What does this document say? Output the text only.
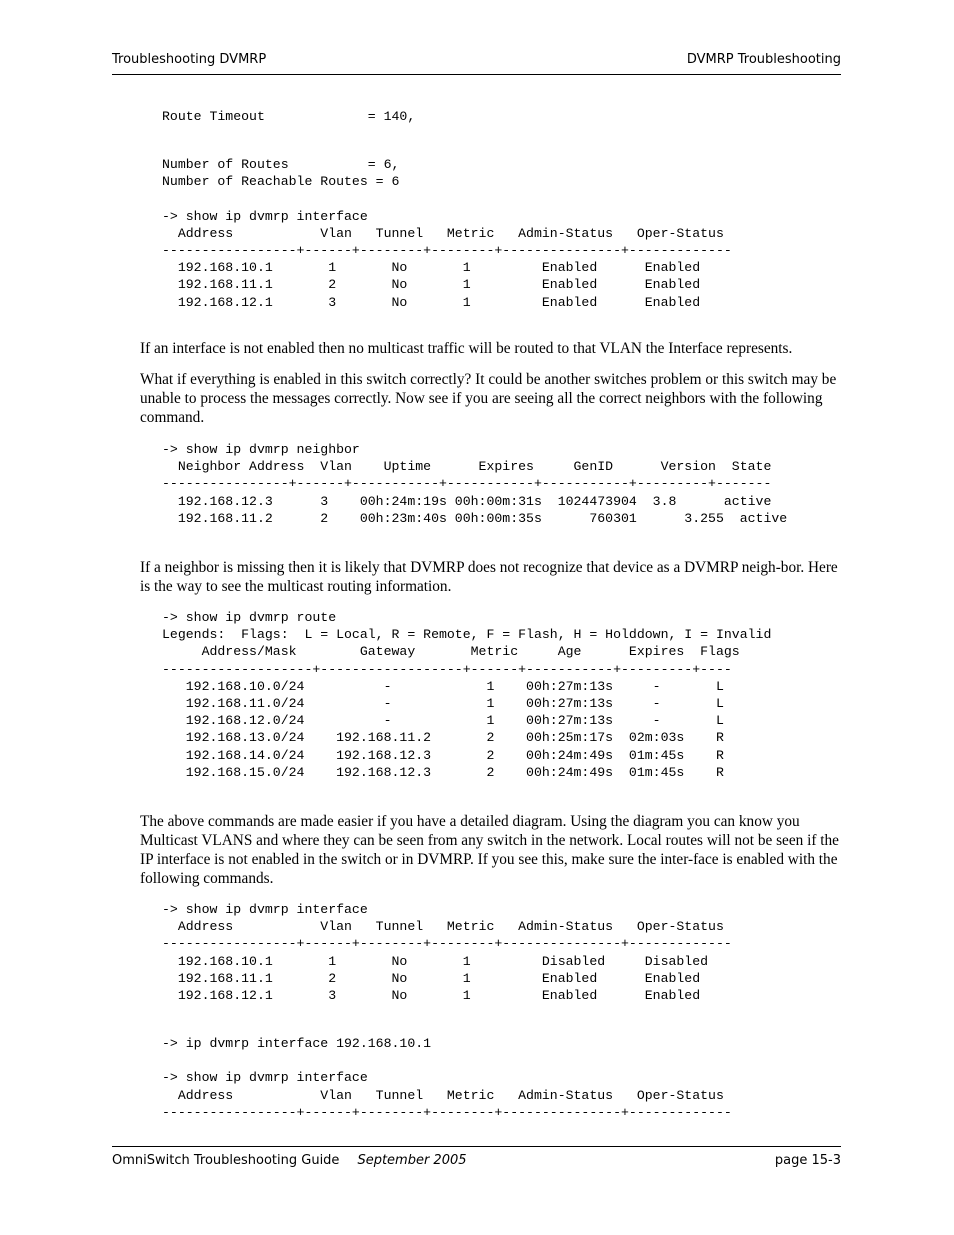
Troubleshooting DVMRP	DVMRP Troubleshooting
Route Timeout             = 140,
Number of Routes          = 6,
Number of Reachable Routes = 6

-> show ip dvmrp interface
Address           Vlan   Tunnel   Metric   Admin-Status   Oper-Status
-----------------+------+--------+--------+---------------+-------------
192.168.10.1       1       No       1         Enabled      Enabled
192.168.11.1       2       No       1         Enabled      Enabled
192.168.12.1       3       No       1         Enabled      Enabled

If an interface is not enabled then no multicast traffic will be routed to that VLAN the Interface represents.

What if everything is enabled in this switch correctly? It could be another switches problem or this switch may be unable to process the messages correctly. Now see if you are seeing all the correct neighbors with the following command.

-> show ip dvmrp neighbor
Neighbor Address  Vlan    Uptime      Expires     GenID      Version  State
----------------+------+-----------+-----------+-----------+---------+-------
192.168.12.3      3    00h:24m:19s 00h:00m:31s  1024473904  3.8      active
192.168.11.2      2    00h:23m:40s 00h:00m:35s      760301      3.255  active

If a neighbor is missing then it is likely that DVMRP does not recognize that device as a DVMRP neigh-bor. Here is the way to see the multicast routing information.

-> show ip dvmrp route
Legends:  Flags:  L = Local, R = Remote, F = Flash, H = Holddown, I = Invalid
Address/Mask        Gateway       Metric     Age      Expires  Flags
-------------------+------------------+------+-----------+---------+----
192.168.10.0/24          -            1    00h:27m:13s     -       L
192.168.11.0/24          -            1    00h:27m:13s     -       L
192.168.12.0/24          -            1    00h:27m:13s     -       L
192.168.13.0/24    192.168.11.2       2    00h:25m:17s  02m:03s    R
192.168.14.0/24    192.168.12.3       2    00h:24m:49s  01m:45s    R
192.168.15.0/24    192.168.12.3       2    00h:24m:49s  01m:45s    R

The above commands are made easier if you have a detailed diagram. Using the diagram you can know you Multicast VLANS and where they can be seen from any switch in the network. Local routes will not be seen if the IP interface is not enabled in the switch or in DVMRP. If you see this, make sure the inter-face is enabled with the following commands.

-> show ip dvmrp interface
Address           Vlan   Tunnel   Metric   Admin-Status   Oper-Status
-----------------+------+--------+--------+---------------+-------------
192.168.10.1       1       No       1         Disabled     Disabled
192.168.11.1       2       No       1         Enabled      Enabled
192.168.12.1       3       No       1         Enabled      Enabled
-> ip dvmrp interface 192.168.10.1

-> show ip dvmrp interface
Address           Vlan   Tunnel   Metric   Admin-Status   Oper-Status
-----------------+------+--------+--------+---------------+-------------
OmniSwitch Troubleshooting Guide September 2005	page 15-3
